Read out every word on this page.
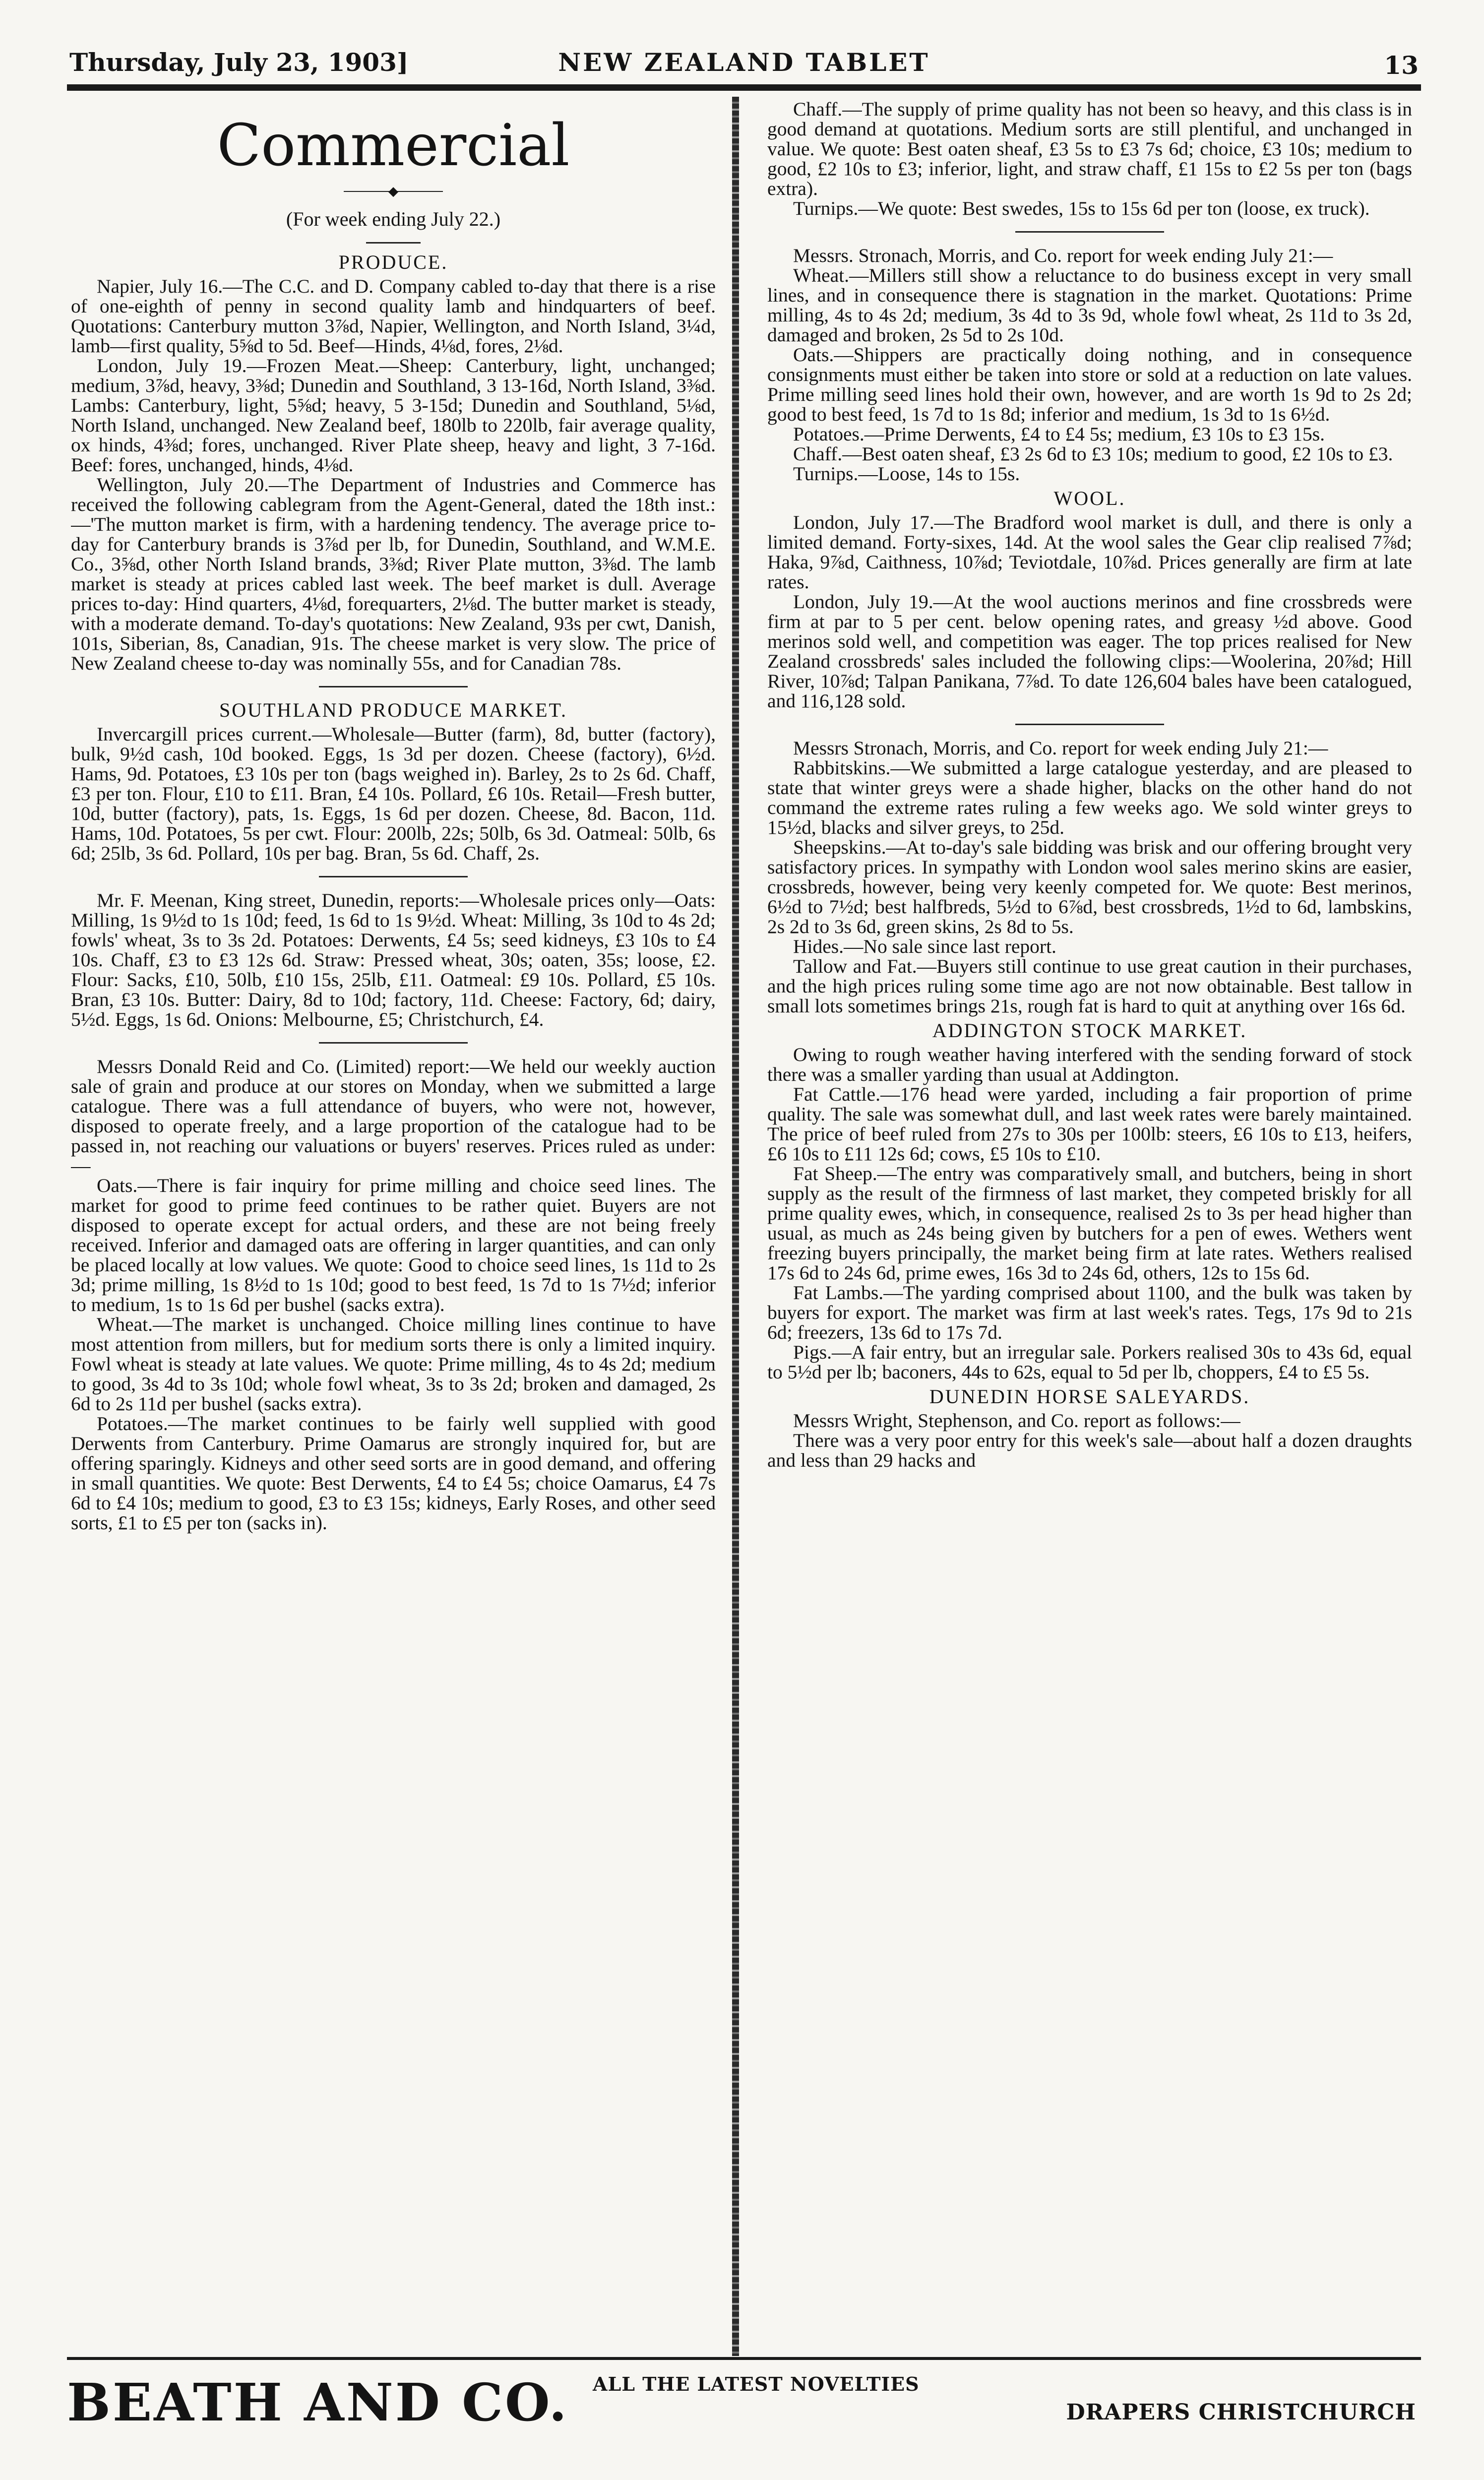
Thursday, July 23, 1903]	NEW ZEALAND TABLET	13
Commercial
◆
(For week ending July 22.)
PRODUCE.

Napier, July 16.—The C.C. and D. Company cabled to-day that there is a rise of one-eighth of penny in second quality lamb and hindquarters of beef. Quotations: Canterbury mutton 3⅞d, Napier, Wellington, and North Island, 3¼d, lamb—first quality, 5⅝d to 5d. Beef—Hinds, 4⅛d, fores, 2⅛d.

London, July 19.—Frozen Meat.—Sheep: Canterbury, light, unchanged; medium, 3⅞d, heavy, 3⅜d; Dunedin and Southland, 3 13-16d, North Island, 3⅜d. Lambs: Canterbury, light, 5⅝d; heavy, 5 3-15d; Dunedin and Southland, 5⅛d, North Island, unchanged. New Zealand beef, 180lb to 220lb, fair average quality, ox hinds, 4⅜d; fores, unchanged. River Plate sheep, heavy and light, 3 7-16d. Beef: fores, unchanged, hinds, 4⅛d.

Wellington, July 20.—The Department of Industries and Commerce has received the following cablegram from the Agent-General, dated the 18th inst.:—'The mutton market is firm, with a hardening tendency. The average price to-day for Canterbury brands is 3⅞d per lb, for Dunedin, Southland, and W.M.E. Co., 3⅝d, other North Island brands, 3⅜d; River Plate mutton, 3⅜d. The lamb market is steady at prices cabled last week. The beef market is dull. Average prices to-day: Hind quarters, 4⅛d, forequarters, 2⅛d. The butter market is steady, with a moderate demand. To-day's quotations: New Zealand, 93s per cwt, Danish, 101s, Siberian, 8s, Canadian, 91s. The cheese market is very slow. The price of New Zealand cheese to-day was nominally 55s, and for Canadian 78s.

SOUTHLAND PRODUCE MARKET.

Invercargill prices current.—Wholesale—Butter (farm), 8d, butter (factory), bulk, 9½d cash, 10d booked. Eggs, 1s 3d per dozen. Cheese (factory), 6½d. Hams, 9d. Potatoes, £3 10s per ton (bags weighed in). Barley, 2s to 2s 6d. Chaff, £3 per ton. Flour, £10 to £11. Bran, £4 10s. Pollard, £6 10s. Retail—Fresh butter, 10d, butter (factory), pats, 1s. Eggs, 1s 6d per dozen. Cheese, 8d. Bacon, 11d. Hams, 10d. Potatoes, 5s per cwt. Flour: 200lb, 22s; 50lb, 6s 3d. Oatmeal: 50lb, 6s 6d; 25lb, 3s 6d. Pollard, 10s per bag. Bran, 5s 6d. Chaff, 2s.

Mr. F. Meenan, King street, Dunedin, reports:—Wholesale prices only—Oats: Milling, 1s 9½d to 1s 10d; feed, 1s 6d to 1s 9½d. Wheat: Milling, 3s 10d to 4s 2d; fowls' wheat, 3s to 3s 2d. Potatoes: Derwents, £4 5s; seed kidneys, £3 10s to £4 10s. Chaff, £3 to £3 12s 6d. Straw: Pressed wheat, 30s; oaten, 35s; loose, £2. Flour: Sacks, £10, 50lb, £10 15s, 25lb, £11. Oatmeal: £9 10s. Pollard, £5 10s. Bran, £3 10s. Butter: Dairy, 8d to 10d; factory, 11d. Cheese: Factory, 6d; dairy, 5½d. Eggs, 1s 6d. Onions: Melbourne, £5; Christchurch, £4.

Messrs Donald Reid and Co. (Limited) report:—We held our weekly auction sale of grain and produce at our stores on Monday, when we submitted a large catalogue. There was a full attendance of buyers, who were not, however, disposed to operate freely, and a large proportion of the catalogue had to be passed in, not reaching our valuations or buyers' reserves. Prices ruled as under:—

Oats.—There is fair inquiry for prime milling and choice seed lines. The market for good to prime feed continues to be rather quiet. Buyers are not disposed to operate except for actual orders, and these are not being freely received. Inferior and damaged oats are offering in larger quantities, and can only be placed locally at low values. We quote: Good to choice seed lines, 1s 11d to 2s 3d; prime milling, 1s 8½d to 1s 10d; good to best feed, 1s 7d to 1s 7½d; inferior to medium, 1s to 1s 6d per bushel (sacks extra).

Wheat.—The market is unchanged. Choice milling lines continue to have most attention from millers, but for medium sorts there is only a limited inquiry. Fowl wheat is steady at late values. We quote: Prime milling, 4s to 4s 2d; medium to good, 3s 4d to 3s 10d; whole fowl wheat, 3s to 3s 2d; broken and damaged, 2s 6d to 2s 11d per bushel (sacks extra).

Potatoes.—The market continues to be fairly well supplied with good Derwents from Canterbury. Prime Oamarus are strongly inquired for, but are offering sparingly. Kidneys and other seed sorts are in good demand, and offering in small quantities. We quote: Best Derwents, £4 to £4 5s; choice Oamarus, £4 7s 6d to £4 10s; medium to good, £3 to £3 15s; kidneys, Early Roses, and other seed sorts, £1 to £5 per ton (sacks in).

Chaff.—The supply of prime quality has not been so heavy, and this class is in good demand at quotations. Medium sorts are still plentiful, and unchanged in value. We quote: Best oaten sheaf, £3 5s to £3 7s 6d; choice, £3 10s; medium to good, £2 10s to £3; inferior, light, and straw chaff, £1 15s to £2 5s per ton (bags extra).

Turnips.—We quote: Best swedes, 15s to 15s 6d per ton (loose, ex truck).

Messrs. Stronach, Morris, and Co. report for week ending July 21:—

Wheat.—Millers still show a reluctance to do business except in very small lines, and in consequence there is stagnation in the market. Quotations: Prime milling, 4s to 4s 2d; medium, 3s 4d to 3s 9d, whole fowl wheat, 2s 11d to 3s 2d, damaged and broken, 2s 5d to 2s 10d.

Oats.—Shippers are practically doing nothing, and in consequence consignments must either be taken into store or sold at a reduction on late values. Prime milling seed lines hold their own, however, and are worth 1s 9d to 2s 2d; good to best feed, 1s 7d to 1s 8d; inferior and medium, 1s 3d to 1s 6½d.

Potatoes.—Prime Derwents, £4 to £4 5s; medium, £3 10s to £3 15s.

Chaff.—Best oaten sheaf, £3 2s 6d to £3 10s; medium to good, £2 10s to £3.

Turnips.—Loose, 14s to 15s.

WOOL.

London, July 17.—The Bradford wool market is dull, and there is only a limited demand. Forty-sixes, 14d. At the wool sales the Gear clip realised 7⅞d; Haka, 9⅞d, Caithness, 10⅞d; Teviotdale, 10⅞d. Prices generally are firm at late rates.

London, July 19.—At the wool auctions merinos and fine crossbreds were firm at par to 5 per cent. below opening rates, and greasy ½d above. Good merinos sold well, and competition was eager. The top prices realised for New Zealand crossbreds' sales included the following clips:—Woolerina, 20⅞d; Hill River, 10⅞d; Talpan Panikana, 7⅞d. To date 126,604 bales have been catalogued, and 116,128 sold.

Messrs Stronach, Morris, and Co. report for week ending July 21:—

Rabbitskins.—We submitted a large catalogue yesterday, and are pleased to state that winter greys were a shade higher, blacks on the other hand do not command the extreme rates ruling a few weeks ago. We sold winter greys to 15½d, blacks and silver greys, to 25d.

Sheepskins.—At to-day's sale bidding was brisk and our offering brought very satisfactory prices. In sympathy with London wool sales merino skins are easier, crossbreds, however, being very keenly competed for. We quote: Best merinos, 6½d to 7½d; best halfbreds, 5½d to 6⅞d, best crossbreds, 1½d to 6d, lambskins, 2s 2d to 3s 6d, green skins, 2s 8d to 5s.

Hides.—No sale since last report.

Tallow and Fat.—Buyers still continue to use great caution in their purchases, and the high prices ruling some time ago are not now obtainable. Best tallow in small lots sometimes brings 21s, rough fat is hard to quit at anything over 16s 6d.

ADDINGTON STOCK MARKET.

Owing to rough weather having interfered with the sending forward of stock there was a smaller yarding than usual at Addington.

Fat Cattle.—176 head were yarded, including a fair proportion of prime quality. The sale was somewhat dull, and last week rates were barely maintained. The price of beef ruled from 27s to 30s per 100lb: steers, £6 10s to £13, heifers, £6 10s to £11 12s 6d; cows, £5 10s to £10.

Fat Sheep.—The entry was comparatively small, and butchers, being in short supply as the result of the firmness of last market, they competed briskly for all prime quality ewes, which, in consequence, realised 2s to 3s per head higher than usual, as much as 24s being given by butchers for a pen of ewes. Wethers went freezing buyers principally, the market being firm at late rates. Wethers realised 17s 6d to 24s 6d, prime ewes, 16s 3d to 24s 6d, others, 12s to 15s 6d.

Fat Lambs.—The yarding comprised about 1100, and the bulk was taken by buyers for export. The market was firm at last week's rates. Tegs, 17s 9d to 21s 6d; freezers, 13s 6d to 17s 7d.

Pigs.—A fair entry, but an irregular sale. Porkers realised 30s to 43s 6d, equal to 5½d per lb; baconers, 44s to 62s, equal to 5d per lb, choppers, £4 to £5 5s.

DUNEDIN HORSE SALEYARDS.

Messrs Wright, Stephenson, and Co. report as follows:—

There was a very poor entry for this week's sale—about half a dozen draughts and less than 29 hacks and

BEATH AND CO. ALL THE LATEST NOVELTIES
DRAPERS CHRISTCHURCH
